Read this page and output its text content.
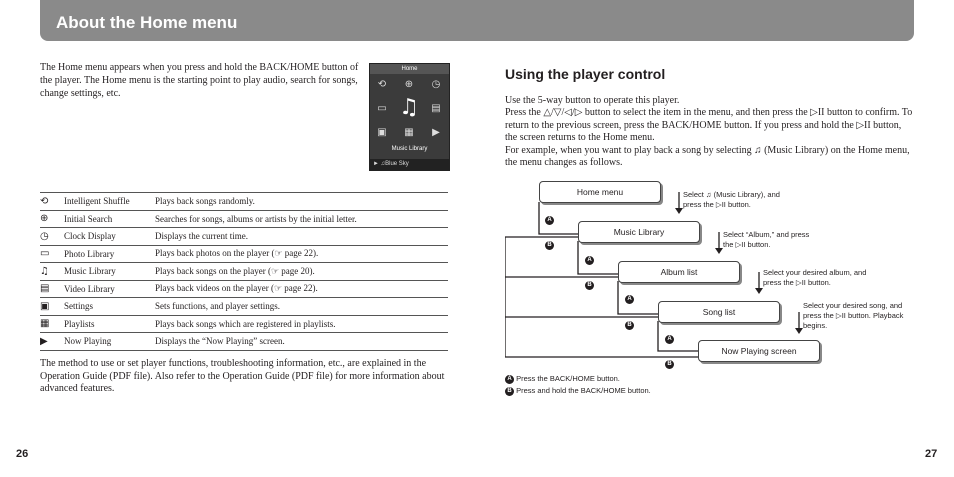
About the Home menu

The Home menu appears when you press and hold the BACK/HOME button of the player. The Home menu is the starting point to play audio, search for songs, change settings, etc.

Home
⟲	⊕	◷
▭ ♫	▤
▣	▦	▶
Music Library
► ♫Blue Sky
⟲	Intelligent Shuffle	Plays back songs randomly.
⊕	Initial Search	Searches for songs, albums or artists by the initial letter.
◷	Clock Display	Displays the current time.
▭	Photo Library	Plays back photos on the player (☞ page 22).
♫	Music Library	Plays back songs on the player (☞ page 20).
▤	Video Library	Plays back videos on the player (☞ page 22).
▣	Settings	Sets functions, and player settings.
▦	Playlists	Plays back songs which are registered in playlists.
▶	Now Playing	Displays the “Now Playing” screen.

The method to use or set player functions, troubleshooting information, etc., are explained in the Operation Guide (PDF file). Also refer to the Operation Guide (PDF file) for more information about advanced features.

26	27

Using the player control

Use the 5-way button to operate this player.

Press the △/▽/◁/▷ button to select the item in the menu, and then press the ▷II button to confirm. To return to the previous screen, press the BACK/HOME button. If you press and hold the ▷II button, the screen returns to the Home menu.

For example, when you want to play back a song by selecting ♫ (Music Library) on the Home menu, the menu changes as follows.

Home menu
Music Library
Album list
Song list
Now Playing screen
Select ♫ (Music Library), and press the ▷II button.
Select “Album,” and press the ▷II button.
Select your desired album, and press the ▷II button.
Select your desired song, and press the ▷II button. Playback begins.
A
B
A
B
A
B
A
B
A Press the BACK/HOME button.
B Press and hold the BACK/HOME button.
